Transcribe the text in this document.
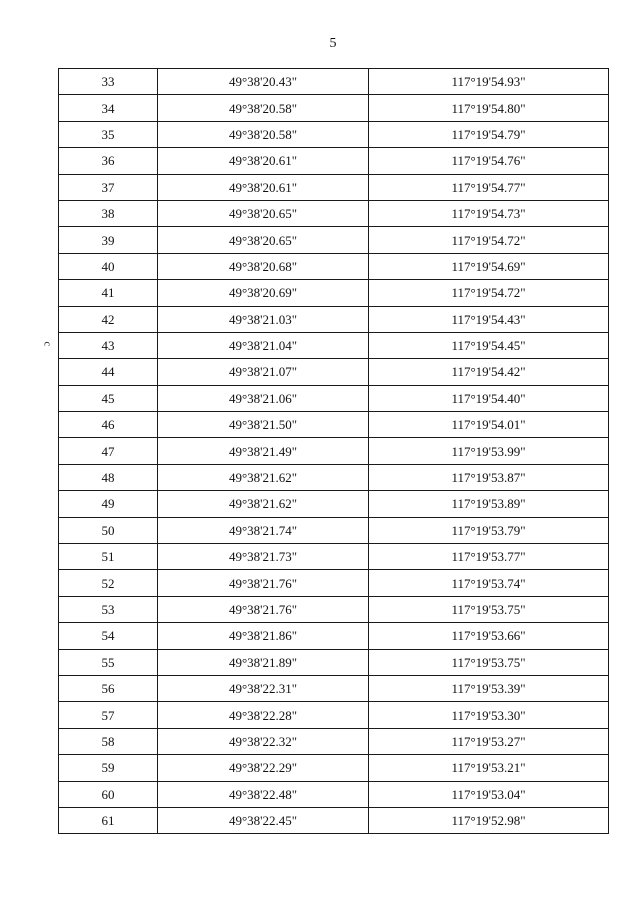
5
c
33	49°38'20.43"	117°19'54.93"
34	49°38'20.58"	117°19'54.80"
35	49°38'20.58"	117°19'54.79"
36	49°38'20.61"	117°19'54.76"
37	49°38'20.61"	117°19'54.77"
38	49°38'20.65"	117°19'54.73"
39	49°38'20.65"	117°19'54.72"
40	49°38'20.68"	117°19'54.69"
41	49°38'20.69"	117°19'54.72"
42	49°38'21.03"	117°19'54.43"
43	49°38'21.04"	117°19'54.45"
44	49°38'21.07"	117°19'54.42"
45	49°38'21.06"	117°19'54.40"
46	49°38'21.50"	117°19'54.01"
47	49°38'21.49"	117°19'53.99"
48	49°38'21.62"	117°19'53.87"
49	49°38'21.62"	117°19'53.89"
50	49°38'21.74"	117°19'53.79"
51	49°38'21.73"	117°19'53.77"
52	49°38'21.76"	117°19'53.74"
53	49°38'21.76"	117°19'53.75"
54	49°38'21.86"	117°19'53.66"
55	49°38'21.89"	117°19'53.75"
56	49°38'22.31"	117°19'53.39"
57	49°38'22.28"	117°19'53.30"
58	49°38'22.32"	117°19'53.27"
59	49°38'22.29"	117°19'53.21"
60	49°38'22.48"	117°19'53.04"
61	49°38'22.45"	117°19'52.98"
